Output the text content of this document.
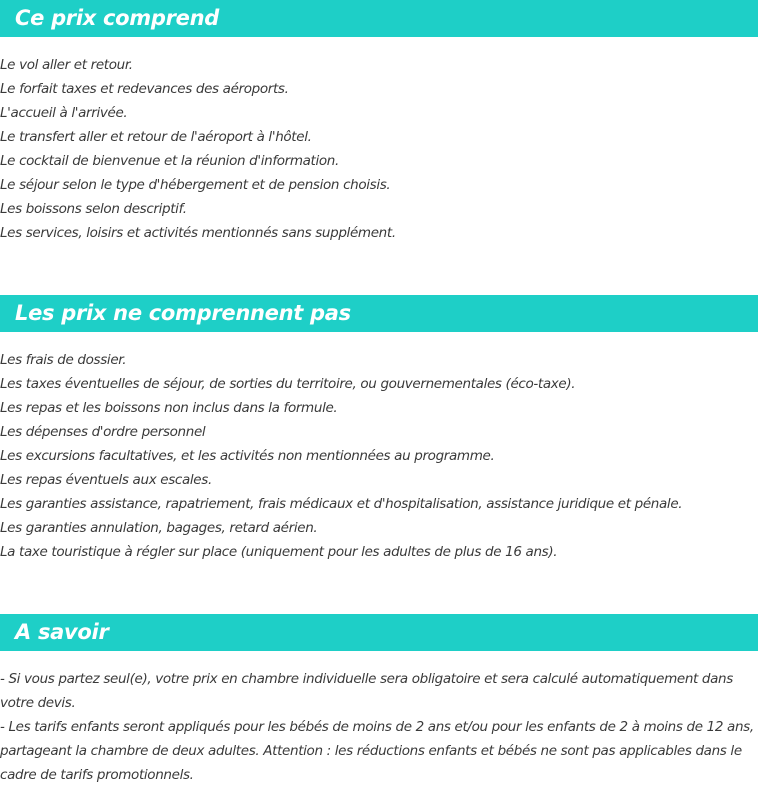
Ce prix comprend
Le vol aller et retour.
Le forfait taxes et redevances des aéroports.
L'accueil à l'arrivée.
Le transfert aller et retour de l'aéroport à l'hôtel.
Le cocktail de bienvenue et la réunion d'information.
Le séjour selon le type d'hébergement et de pension choisis.
Les boissons selon descriptif.
Les services, loisirs et activités mentionnés sans supplément.
Les prix ne comprennent pas
Les frais de dossier.
Les taxes éventuelles de séjour, de sorties du territoire, ou gouvernementales (éco-taxe).
Les repas et les boissons non inclus dans la formule.
Les dépenses d'ordre personnel
Les excursions facultatives, et les activités non mentionnées au programme.
Les repas éventuels aux escales.
Les garanties assistance, rapatriement, frais médicaux et d'hospitalisation, assistance juridique et pénale.
Les garanties annulation, bagages, retard aérien.
La taxe touristique à régler sur place (uniquement pour les adultes de plus de 16 ans).
A savoir

- Si vous partez seul(e), votre prix en chambre individuelle sera obligatoire et sera calculé automatiquement dans votre devis.

- Les tarifs enfants seront appliqués pour les bébés de moins de 2 ans et/ou pour les enfants de 2 à moins de 12 ans, partageant la chambre de deux adultes. Attention : les réductions enfants et bébés ne sont pas applicables dans le cadre de tarifs promotionnels.
